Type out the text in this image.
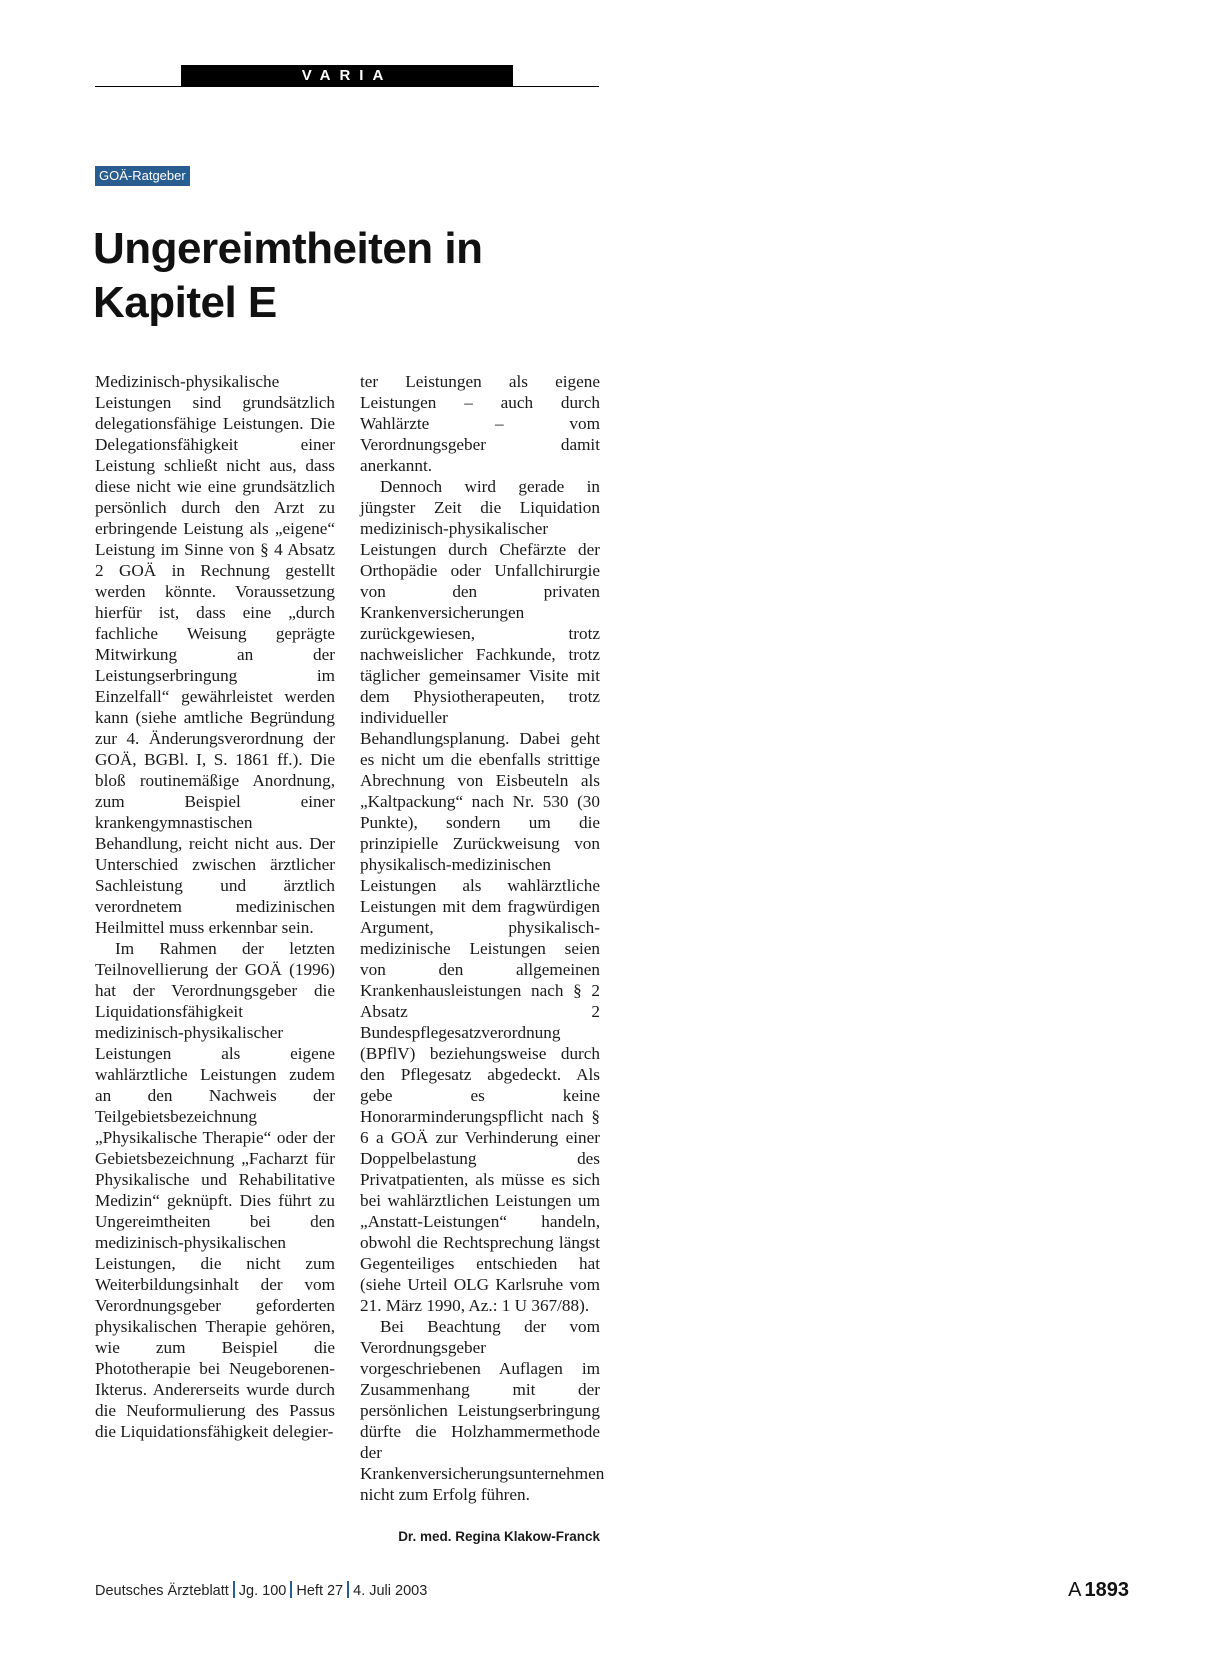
VARIA
GOÄ-Ratgeber
Ungereimtheiten in
Kapitel E

Medizinisch-physikalische Leistungen sind grundsätzlich delegationsfähige Leistungen. Die Delegationsfähigkeit einer Leistung schließt nicht aus, dass diese nicht wie eine grundsätzlich persönlich durch den Arzt zu erbringende Leistung als „eigene“ Leistung im Sinne von § 4 Absatz 2 GOÄ in Rechnung gestellt werden könnte. Voraussetzung hierfür ist, dass eine „durch fachliche Weisung geprägte Mitwirkung an der Leistungserbringung im Einzelfall“ gewährleistet werden kann (siehe amtliche Begründung zur 4. Änderungsverordnung der GOÄ, BGBl. I, S. 1861 ff.). Die bloß routinemäßige Anordnung, zum Beispiel einer krankengymnastischen Behandlung, reicht nicht aus. Der Unterschied zwischen ärztlicher Sachleistung und ärztlich verordnetem medizinischen Heilmittel muss erkennbar sein.

Im Rahmen der letzten Teilnovellierung der GOÄ (1996) hat der Verordnungsgeber die Liquidationsfähigkeit medizinisch-physikalischer Leistungen als eigene wahlärztliche Leistungen zudem an den Nachweis der Teilgebietsbezeichnung „Physikalische Therapie“ oder der Gebietsbezeichnung „Facharzt für Physikalische und Rehabilitative Medizin“ geknüpft. Dies führt zu Ungereimtheiten bei den medizinisch-physikalischen Leistungen, die nicht zum Weiterbildungsinhalt der vom Verordnungsgeber geforderten physikalischen Therapie gehören, wie zum Beispiel die Phototherapie bei Neugeborenen-Ikterus. Andererseits wurde durch die Neuformulierung des Passus die Liquidationsfähigkeit delegier-

ter Leistungen als eigene Leistungen – auch durch Wahlärzte – vom Verordnungsgeber damit anerkannt.

Dennoch wird gerade in jüngster Zeit die Liquidation medizinisch-physikalischer Leistungen durch Chefärzte der Orthopädie oder Unfallchirurgie von den privaten Krankenversicherungen zurückgewiesen, trotz nachweislicher Fachkunde, trotz täglicher gemeinsamer Visite mit dem Physiotherapeuten, trotz individueller Behandlungsplanung. Dabei geht es nicht um die ebenfalls strittige Abrechnung von Eisbeuteln als „Kaltpackung“ nach Nr. 530 (30 Punkte), sondern um die prinzipielle Zurückweisung von physikalisch-medizinischen Leistungen als wahlärztliche Leistungen mit dem fragwürdigen Argument, physikalisch-medizinische Leistungen seien von den allgemeinen Krankenhausleistungen nach § 2 Absatz 2 Bundespflegesatzverordnung (BPflV) beziehungsweise durch den Pflegesatz abgedeckt. Als gebe es keine Honorarminderungspflicht nach § 6 a GOÄ zur Verhinderung einer Doppelbelastung des Privatpatienten, als müsse es sich bei wahlärztlichen Leistungen um „Anstatt-Leistungen“ handeln, obwohl die Rechtsprechung längst Gegenteiliges entschieden hat (siehe Urteil OLG Karlsruhe vom 21. März 1990, Az.: 1 U 367/88).

Bei Beachtung der vom Verordnungsgeber vorgeschriebenen Auflagen im Zusammenhang mit der persönlichen Leistungserbringung dürfte die Holzhammermethode der Krankenversicherungsunternehmen nicht zum Erfolg führen.

Dr. med. Regina Klakow-Franck
Deutsches Ärzteblatt Jg. 100 Heft 27 4. Juli 2003	A 1893
